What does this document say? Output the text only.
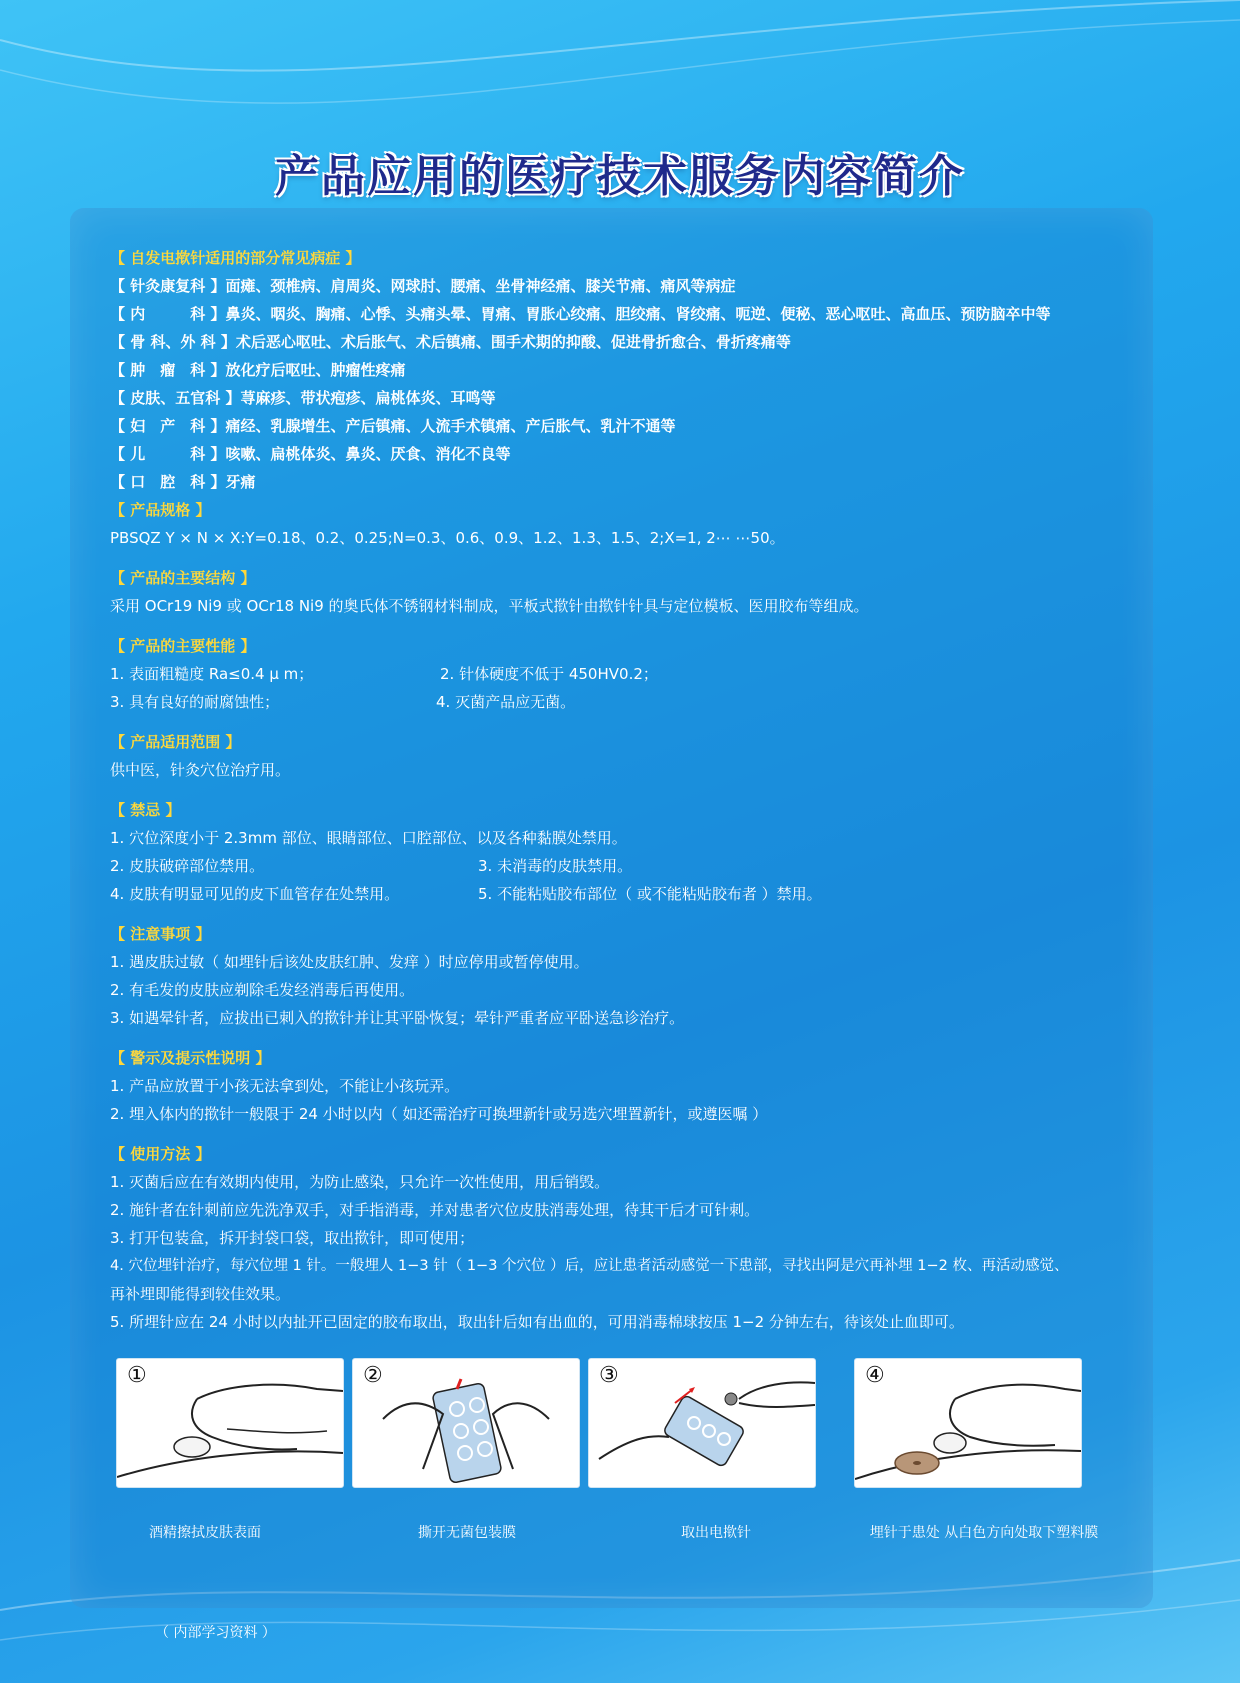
产品应用的医疗技术服务内容简介
【 自发电揿针适用的部分常见病症 】
【 针灸康复科 】面瘫、颈椎病、肩周炎、网球肘、腰痛、坐骨神经痛、膝关节痛、痛风等病症
【 内　　　科 】鼻炎、咽炎、胸痛、心悸、头痛头晕、胃痛、胃胀心绞痛、胆绞痛、肾绞痛、呃逆、便秘、恶心呕吐、高血压、预防脑卒中等
【 骨 科、外 科 】术后恶心呕吐、术后胀气、术后镇痛、围手术期的抑酸、促进骨折愈合、骨折疼痛等
【 肿　瘤　科 】放化疗后呕吐、肿瘤性疼痛
【 皮肤、五官科 】荨麻疹、带状疱疹、扁桃体炎、耳鸣等
【 妇　产　科 】痛经、乳腺增生、产后镇痛、人流手术镇痛、产后胀气、乳汁不通等
【 儿　　　科 】咳嗽、扁桃体炎、鼻炎、厌食、消化不良等
【 口　腔　科 】牙痛
【 产品规格 】
PBSQZ Y × N × X:Y=0.18、0.2、0.25;N=0.3、0.6、0.9、1.2、1.3、1.5、2;X=1, 2⋯ ⋯50。
【 产品的主要结构 】
采用 OCr19 Ni9 或 OCr18 Ni9 的奥氏体不锈钢材料制成，平板式揿针由揿针针具与定位模板、医用胶布等组成。
【 产品的主要性能 】
1. 表面粗糙度 Ra≤0.4 μ m；	2. 针体硬度不低于 450HV0.2；
3. 具有良好的耐腐蚀性；	4. 灭菌产品应无菌。
【 产品适用范围 】
供中医，针灸穴位治疗用。
【 禁忌 】
1. 穴位深度小于 2.3mm 部位、眼睛部位、口腔部位、以及各种黏膜处禁用。
2. 皮肤破碎部位禁用。	3. 未消毒的皮肤禁用。
4. 皮肤有明显可见的皮下血管存在处禁用。	5. 不能粘贴胶布部位（ 或不能粘贴胶布者 ）禁用。
【 注意事项 】
1. 遇皮肤过敏（ 如埋针后该处皮肤红肿、发痒 ）时应停用或暂停使用。
2. 有毛发的皮肤应剃除毛发经消毒后再使用。
3. 如遇晕针者，应拔出已刺入的揿针并让其平卧恢复；晕针严重者应平卧送急诊治疗。
【 警示及提示性说明 】
1. 产品应放置于小孩无法拿到处，不能让小孩玩弄。
2. 埋入体内的揿针一般限于 24 小时以内（ 如还需治疗可换埋新针或另选穴埋置新针，或遵医嘱 ）
【 使用方法 】
1. 灭菌后应在有效期内使用，为防止感染，只允许一次性使用，用后销毁。
2. 施针者在针刺前应先洗净双手，对手指消毒，并对患者穴位皮肤消毒处理，待其干后才可针刺。
3. 打开包装盒，拆开封袋口袋，取出揿针，即可使用；
4. 穴位埋针治疗，每穴位埋 1 针。一般埋人 1−3 针（ 1−3 个穴位 ）后，应让患者活动感觉一下患部，寻找出阿是穴再补埋 1−2 枚、再活动感觉、
再补埋即能得到较佳效果。
5. 所埋针应在 24 小时以内扯开已固定的胶布取出，取出针后如有出血的，可用消毒棉球按压 1−2 分钟左右，待该处止血即可。
①	②	③	④
酒精擦拭皮肤表面	撕开无菌包装膜	取出电揿针	埋针于患处 从白色方向处取下塑料膜
（ 内部学习资料 ）
